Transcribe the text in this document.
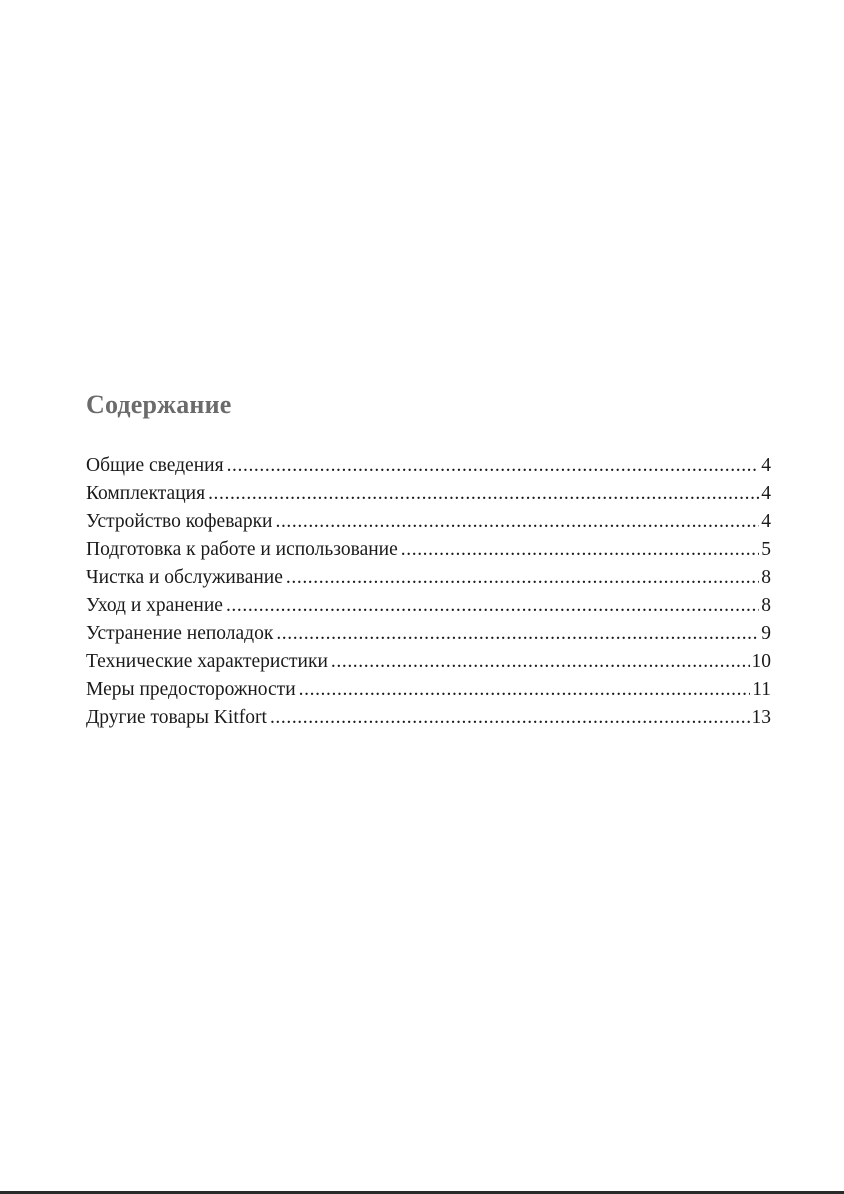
Содержание
Общие сведения .....	4
Комплектация .....	4
Устройство кофеварки .....	4
Подготовка к работе и использование .....	5
Чистка и обслуживание .....	8
Уход и хранение .....	8
Устранение неполадок .....	9
Технические характеристики .....	10
Меры предосторожности .....	11
Другие товары Kitfort .....	13
